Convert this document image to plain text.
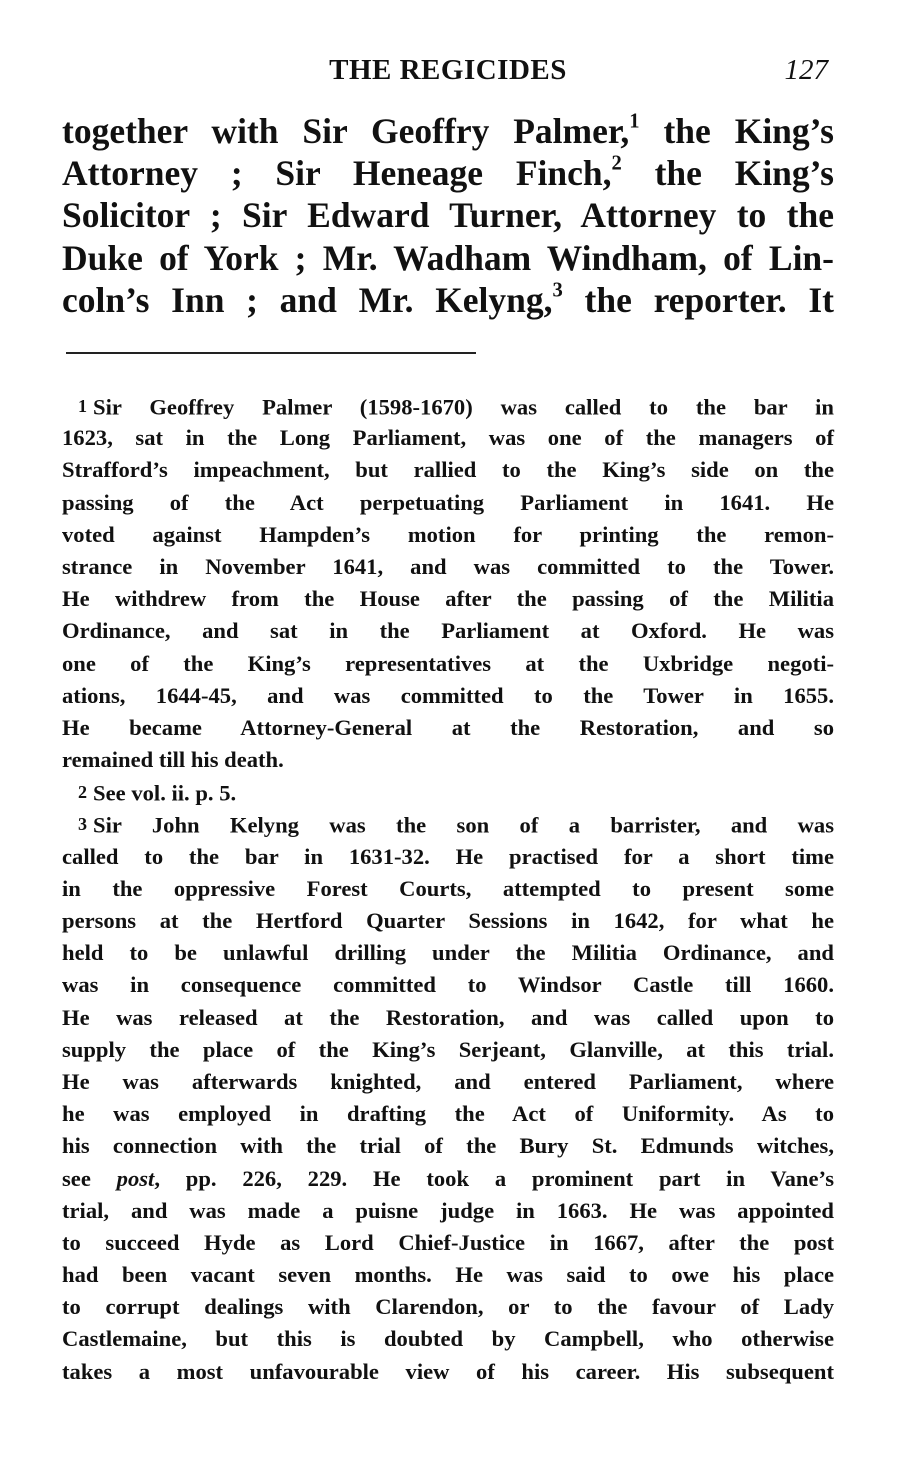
THE REGICIDES	127
together with Sir Geoffry Palmer,$^1$ the King’s
Attorney ; Sir Heneage Finch,$^2$ the King’s
Solicitor ; Sir Edward Turner, Attorney to the
Duke of York ; Mr. Wadham Windham, of Lin-
coln’s Inn ; and Mr. Kelyng,$^3$ the reporter. It
1 Sir Geoffrey Palmer (1598-1670) was called to the bar in
1623, sat in the Long Parliament, was one of the managers of
Strafford’s impeachment, but rallied to the King’s side on the
passing of the Act perpetuating Parliament in 1641. He
voted against Hampden’s motion for printing the remon-
strance in November 1641, and was committed to the Tower.
He withdrew from the House after the passing of the Militia
Ordinance, and sat in the Parliament at Oxford. He was
one of the King’s representatives at the Uxbridge negoti-
ations, 1644-45, and was committed to the Tower in 1655.
He became Attorney-General at the Restoration, and so
remained till his death.
2 See vol. ii. p. 5.
3 Sir John Kelyng was the son of a barrister, and was
called to the bar in 1631-32. He practised for a short time
in the oppressive Forest Courts, attempted to present some
persons at the Hertford Quarter Sessions in 1642, for what he
held to be unlawful drilling under the Militia Ordinance, and
was in consequence committed to Windsor Castle till 1660.
He was released at the Restoration, and was called upon to
supply the place of the King’s Serjeant, Glanville, at this trial.
He was afterwards knighted, and entered Parliament, where
he was employed in drafting the Act of Uniformity. As to
his connection with the trial of the Bury St. Edmunds witches,
see post, pp. 226, 229. He took a prominent part in Vane’s
trial, and was made a puisne judge in 1663. He was appointed
to succeed Hyde as Lord Chief-Justice in 1667, after the post
had been vacant seven months. He was said to owe his place
to corrupt dealings with Clarendon, or to the favour of Lady
Castlemaine, but this is doubted by Campbell, who otherwise
takes a most unfavourable view of his career. His subsequent
